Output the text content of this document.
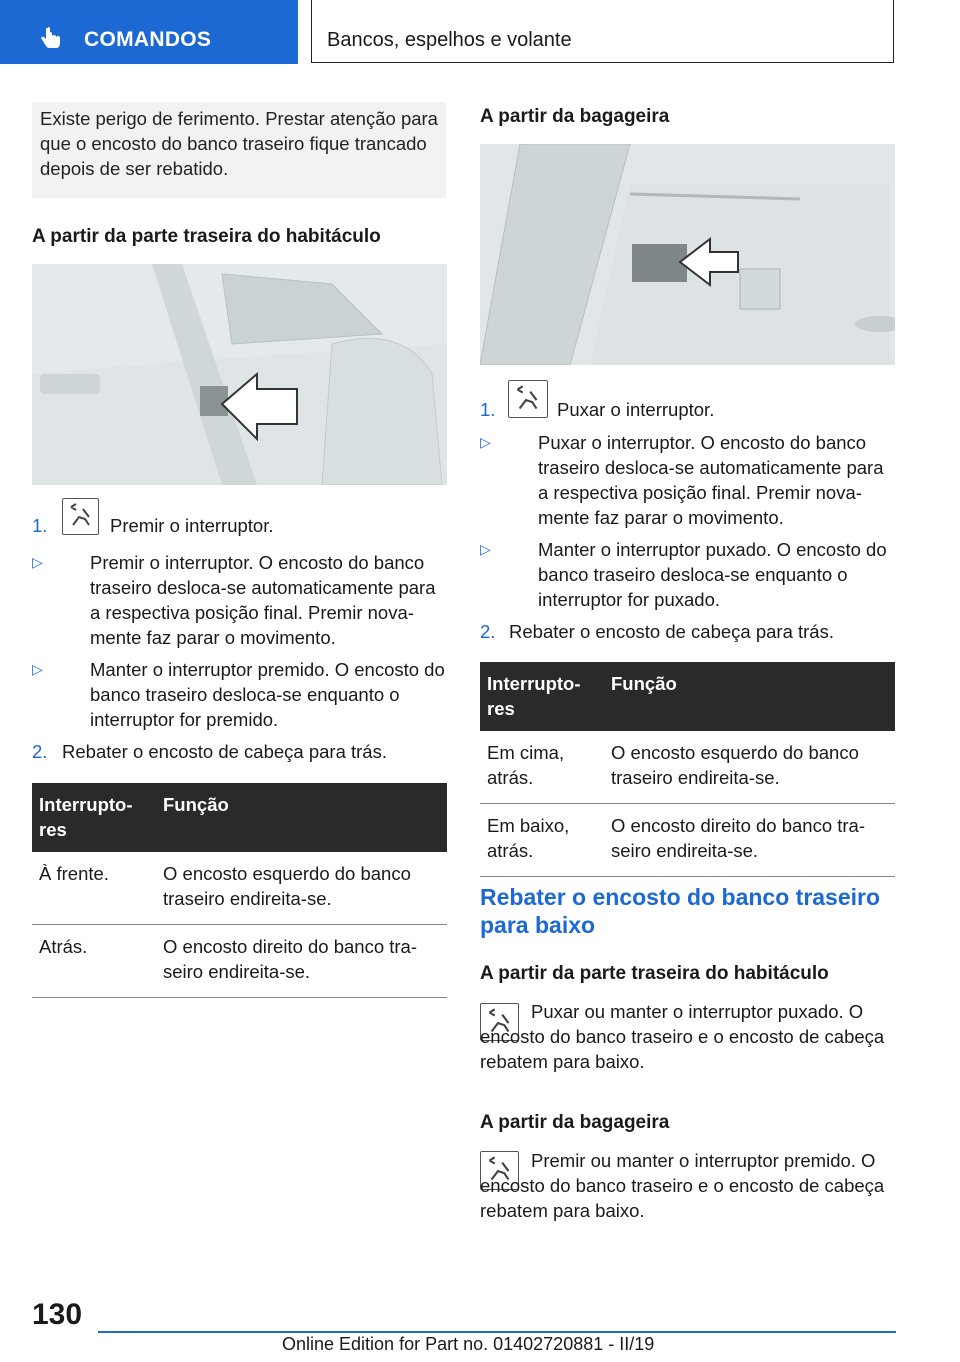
COMANDOS	Bancos, espelhos e volante
Existe perigo de ferimento. Prestar atenção para que o encosto do banco traseiro fique trancado depois de ser rebatido.
A partir da parte traseira do habitáculo
1.	Premir o interruptor.
▷	Premir o interruptor. O encosto do banco traseiro desloca-se automaticamente para a respectiva posição final. Premir nova- mente faz parar o movimento.
▷	Manter o interruptor premido. O encosto do banco traseiro desloca-se enquanto o interruptor for premido.
2. Rebater o encosto de cabeça para trás.
Interrupto- res	Função
À frente.	O encosto esquerdo do banco traseiro endireita-se.
Atrás.	O encosto direito do banco tra- seiro endireita-se.
A partir da bagageira
1.	Puxar o interruptor.
▷	Puxar o interruptor. O encosto do banco traseiro desloca-se automaticamente para a respectiva posição final. Premir nova- mente faz parar o movimento.
▷	Manter o interruptor puxado. O encosto do banco traseiro desloca-se enquanto o interruptor for puxado.
2. Rebater o encosto de cabeça para trás.
Interrupto- res	Função
Em cima, atrás.	O encosto esquerdo do banco traseiro endireita-se.
Em baixo, atrás.	O encosto direito do banco tra- seiro endireita-se.
Rebater o encosto do banco traseiro para baixo
A partir da parte traseira do habitáculo
Puxar ou manter o interruptor puxado. O encosto do banco traseiro e o encosto de cabeça rebatem para baixo.
A partir da bagageira
Premir ou manter o interruptor premido. O encosto do banco traseiro e o encosto de cabeça rebatem para baixo.
130
Online Edition for Part no. 01402720881 - II/19
